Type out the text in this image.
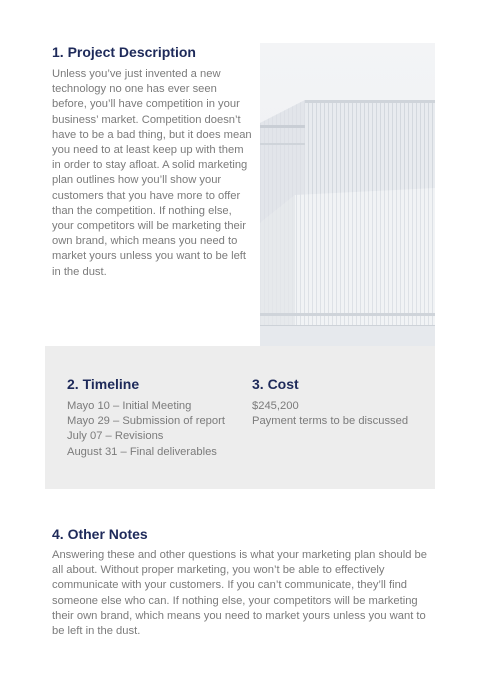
1. Project Description

Unless you’ve just invented a new technology no one has ever seen before, you’ll have competition in your business’ market. Competition doesn’t have to be a bad thing, but it does mean you need to at least keep up with them in order to stay afloat. A solid marketing plan outlines how you’ll show your customers that you have more to offer than the competition. If nothing else, your competitors will be marketing their own brand, which means you need to market yours unless you want to be left in the dust.

2. Timeline
Mayo 10 – Initial Meeting
Mayo 29 – Submission of report
July 07 – Revisions
August 31 – Final deliverables
3. Cost
$245,200
Payment terms to be discussed
4. Other Notes

Answering these and other questions is what your marketing plan should be all about. Without proper marketing, you won’t be able to effectively communicate with your customers. If you can’t communicate, they’ll find someone else who can. If nothing else, your competitors will be marketing their own brand, which means you need to market yours unless you want to be left in the dust.
